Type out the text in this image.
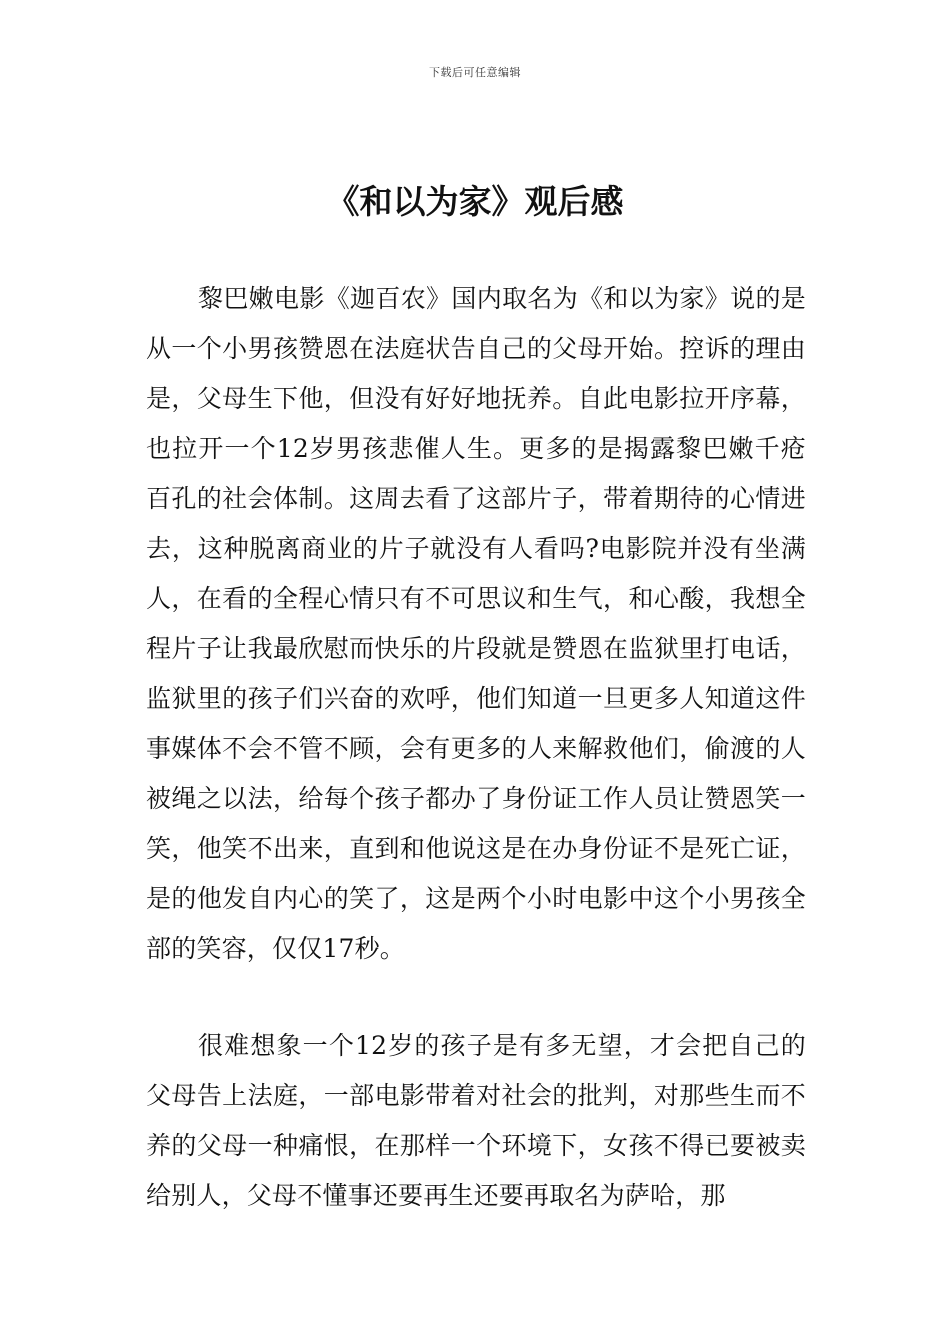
下载后可任意编辑
《和以为家》观后感

黎巴嫩电影《迦百农》国内取名为《和以为家》说的是从一个小男孩赞恩在法庭状告自己的父母开始。控诉的理由是，父母生下他，但没有好好地抚养。自此电影拉开序幕，也拉开一个12岁男孩悲催人生。更多的是揭露黎巴嫩千疮百孔的社会体制。这周去看了这部片子，带着期待的心情进去，这种脱离商业的片子就没有人看吗?电影院并没有坐满人，在看的全程心情只有不可思议和生气，和心酸，我想全程片子让我最欣慰而快乐的片段就是赞恩在监狱里打电话，监狱里的孩子们兴奋的欢呼，他们知道一旦更多人知道这件事媒体不会不管不顾，会有更多的人来解救他们，偷渡的人被绳之以法，给每个孩子都办了身份证工作人员让赞恩笑一笑，他笑不出来，直到和他说这是在办身份证不是死亡证，是的他发自内心的笑了，这是两个小时电影中这个小男孩全部的笑容，仅仅17秒。

很难想象一个12岁的孩子是有多无望，才会把自己的父母告上法庭，一部电影带着对社会的批判，对那些生而不养的父母一种痛恨，在那样一个环境下，女孩不得已要被卖给别人，父母不懂事还要再生还要再取名为萨哈，那
